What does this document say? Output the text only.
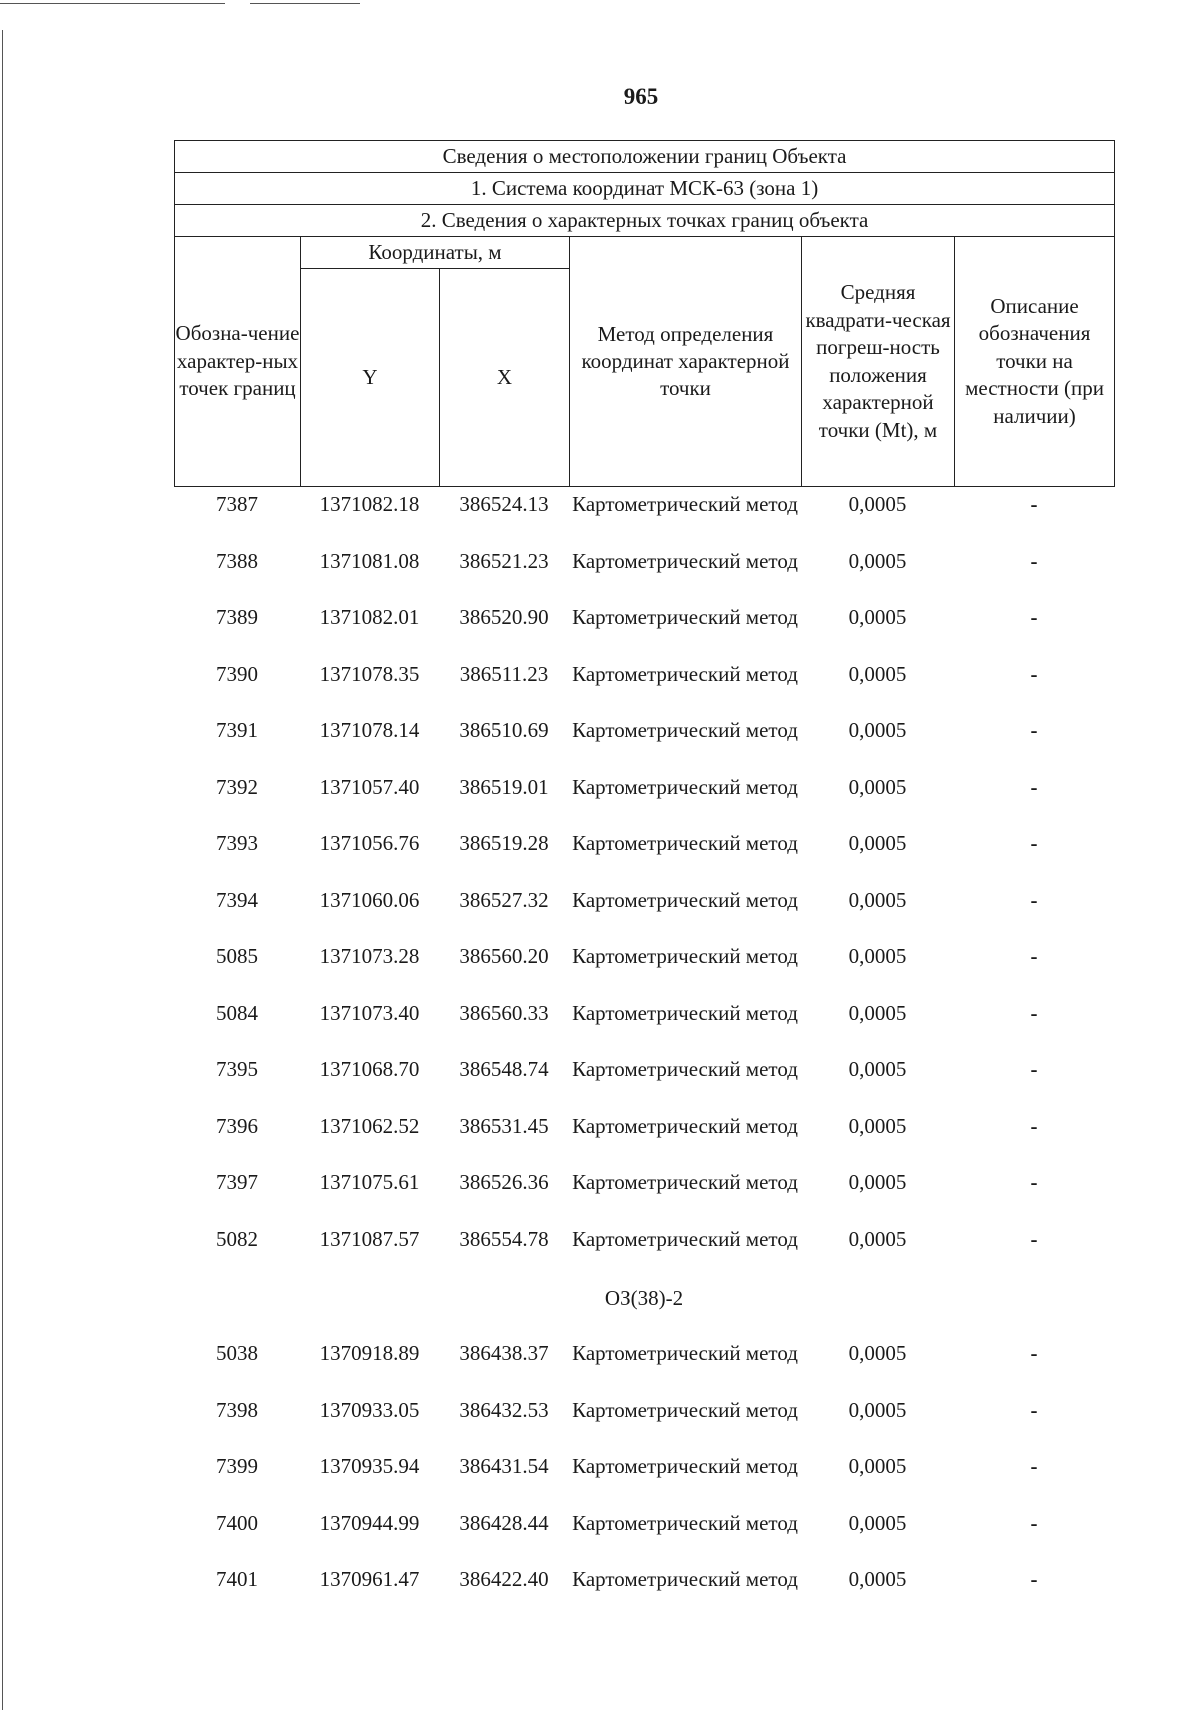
965
Сведения о местоположении границ Объекта					
1. Система координат МСК-63 (зона 1)					
2. Сведения о характерных точках границ объекта					
Обозна-чение характер-ных точек границ	Координаты, м		Метод определения координат характерной точки	Средняя квадрати-ческая погреш-ность положения характерной точки (Mt), м	Описание обозначения точки на местности (при наличии)
	Y	X			
7387	1371082.18	386524.13	Картометрический метод	0,0005	-
7388	1371081.08	386521.23	Картометрический метод	0,0005	-
7389	1371082.01	386520.90	Картометрический метод	0,0005	-
7390	1371078.35	386511.23	Картометрический метод	0,0005	-
7391	1371078.14	386510.69	Картометрический метод	0,0005	-
7392	1371057.40	386519.01	Картометрический метод	0,0005	-
7393	1371056.76	386519.28	Картометрический метод	0,0005	-
7394	1371060.06	386527.32	Картометрический метод	0,0005	-
5085	1371073.28	386560.20	Картометрический метод	0,0005	-
5084	1371073.40	386560.33	Картометрический метод	0,0005	-
7395	1371068.70	386548.74	Картометрический метод	0,0005	-
7396	1371062.52	386531.45	Картометрический метод	0,0005	-
7397	1371075.61	386526.36	Картометрический метод	0,0005	-
5082	1371087.57	386554.78	Картометрический метод	0,0005	-
ОЗ(38)-2					
5038	1370918.89	386438.37	Картометрический метод	0,0005	-
7398	1370933.05	386432.53	Картометрический метод	0,0005	-
7399	1370935.94	386431.54	Картометрический метод	0,0005	-
7400	1370944.99	386428.44	Картометрический метод	0,0005	-
7401	1370961.47	386422.40	Картометрический метод	0,0005	-
